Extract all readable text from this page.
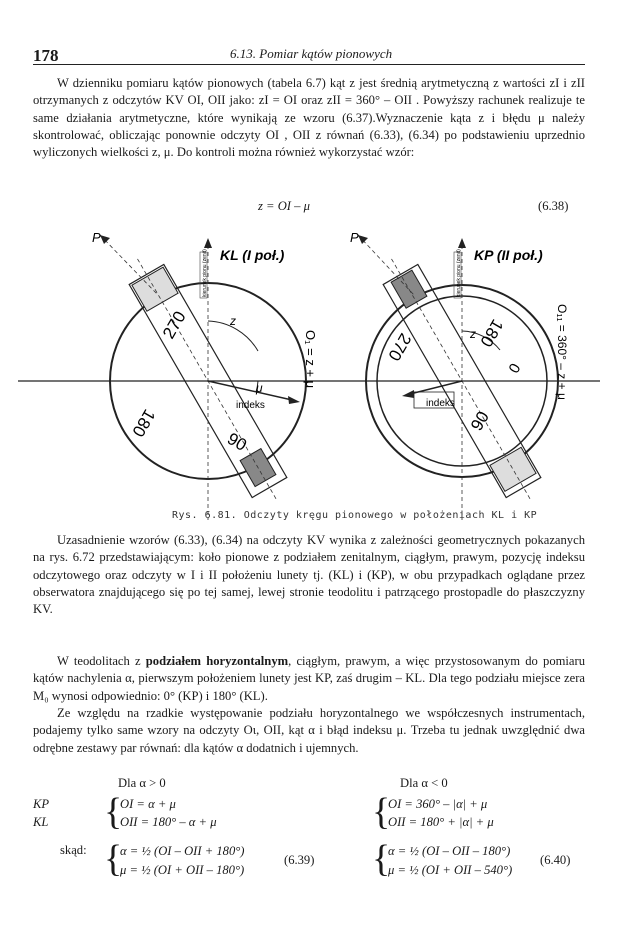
178	6.13. Pomiar kątów pionowych

W dzienniku pomiaru kątów pionowych (tabela 6.7) kąt z jest średnią arytmetyczną z wartości zI i zII otrzymanych z odczytów KV OI, OII jako: zI = OI oraz zII = 360° – OII . Powyższy rachunek realizuje te same działania arytmetyczne, które wynikają ze wzoru (6.37).Wyznaczenie kąta z i błędu μ należy skontrolować, obliczając ponownie odczyty OI , OII z równań (6.33), (6.34) po podstawieniu uprzednio wyliczonych wielkości z, μ. Do kontroli można również wykorzystać wzór:

z = OI – μ	(6.38)
P
kierunek pionu (zenit) KL (I poł.)
z
μ
indeks
270
180
90
O₁ = z + μ
P
kierunek pionu (zenit) KP (II poł.)
z
indeks
270	180
90
0	O₁₁ = 360° – z + μ
Rys. 6.81. Odczyty kręgu pionowego w położeniach KL i KP

Uzasadnienie wzorów (6.33), (6.34) na odczyty KV wynika z zależności geometrycznych pokazanych na rys. 6.72 przedstawiającym: koło pionowe z podziałem zenitalnym, ciągłym, prawym, pozycję indeksu odczytowego oraz odczyty w I i II położeniu lunety tj. (KL) i (KP), w obu przypadkach oglądane przez obserwatora znajdującego się po tej samej, lewej stronie teodolitu i patrzącego prostopadle do płaszczyzny KV.

W teodolitach z podziałem horyzontalnym, ciągłym, prawym, a więc przystosowanym do pomiaru kątów nachylenia α, pierwszym położeniem lunety jest KP, zaś drugim – KL. Dla tego podziału miejsce zera M₀ wynosi odpowiednio: 0° (KP) i 180° (KL).

Ze względu na rzadkie występowanie podziału horyzontalnego we współczesnych instrumentach, podajemy tylko same wzory na odczyty Oι, OII, kąt α i błąd indeksu μ. Trzeba tu jednak uwzględnić dwa odrębne zestawy par równań: dla kątów α dodatnich i ujemnych.

Dla α > 0	Dla α < 0
KP
KL {
OI = α + μ
OII = 180° – α + μ	{
OI = 360° – |α| + μ
OII = 180° + |α| + μ
skąd: {
α = ½ (OI – OII + 180°)
μ = ½ (OI + OII – 180°)
(6.39) {
α = ½ (OI – OII – 180°)
μ = ½ (OI + OII – 540°)
(6.40)
